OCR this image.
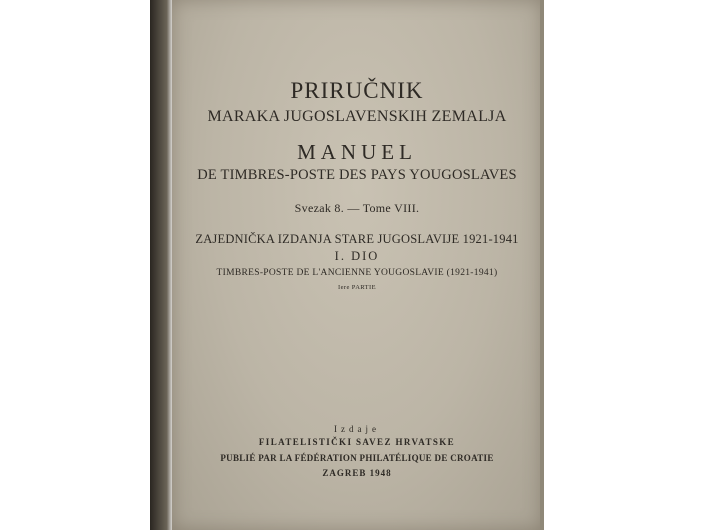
PRIRUČNIK
MARAKA JUGOSLAVENSKIH ZEMALJA
MANUEL
DE TIMBRES-POSTE DES PAYS YOUGOSLAVES
Svezak 8. — Tome VIII.
ZAJEDNIČKA IZDANJA STARE JUGOSLAVIJE 1921-1941
I. DIO
TIMBRES-POSTE DE L'ANCIENNE YOUGOSLAVIE (1921-1941)
Iere PARTIE
Izdaje
FILATELISTIČKI SAVEZ HRVATSKE
PUBLIÉ PAR LA FÉDÉRATION PHILATÉLIQUE DE CROATIE
ZAGREB 1948
